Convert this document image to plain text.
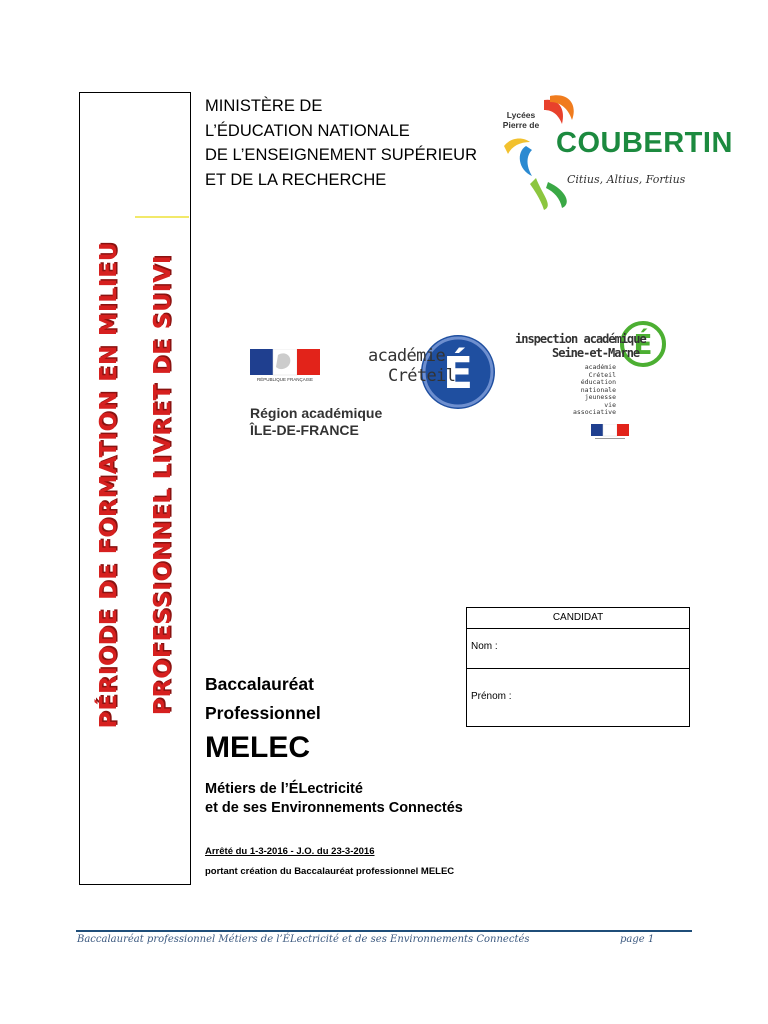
PÉRIODE DE FORMATION EN MILIEU PROFESSIONNEL LIVRET DE SUIVI
MINISTÈRE DE
L’ÉDUCATION NATIONALE
DE L’ENSEIGNEMENT SUPÉRIEUR
ET DE LA RECHERCHE
Lycées
Pierre de
COUBERTIN
Citius, Altius, Fortius
RÉPUBLIQUE FRANÇAISE
Région académique
ÎLE-DE-FRANCE
É
académie
Créteil
É
inspection académique
Seine-et-Marne
académie
Créteil
éducation
nationale
jeunesse
vie associative
CANDIDAT
Nom :
Prénom :
Baccalauréat
Professionnel
MELEC
Métiers de l’ÉLectricité
et de ses Environnements Connectés
Arrêté du 1-3-2016 - J.O. du 23-3-2016
portant création du Baccalauréat professionnel MELEC
Baccalauréat professionnel Métiers de l’ÉLectricité et de ses Environnements Connectés	page 1
